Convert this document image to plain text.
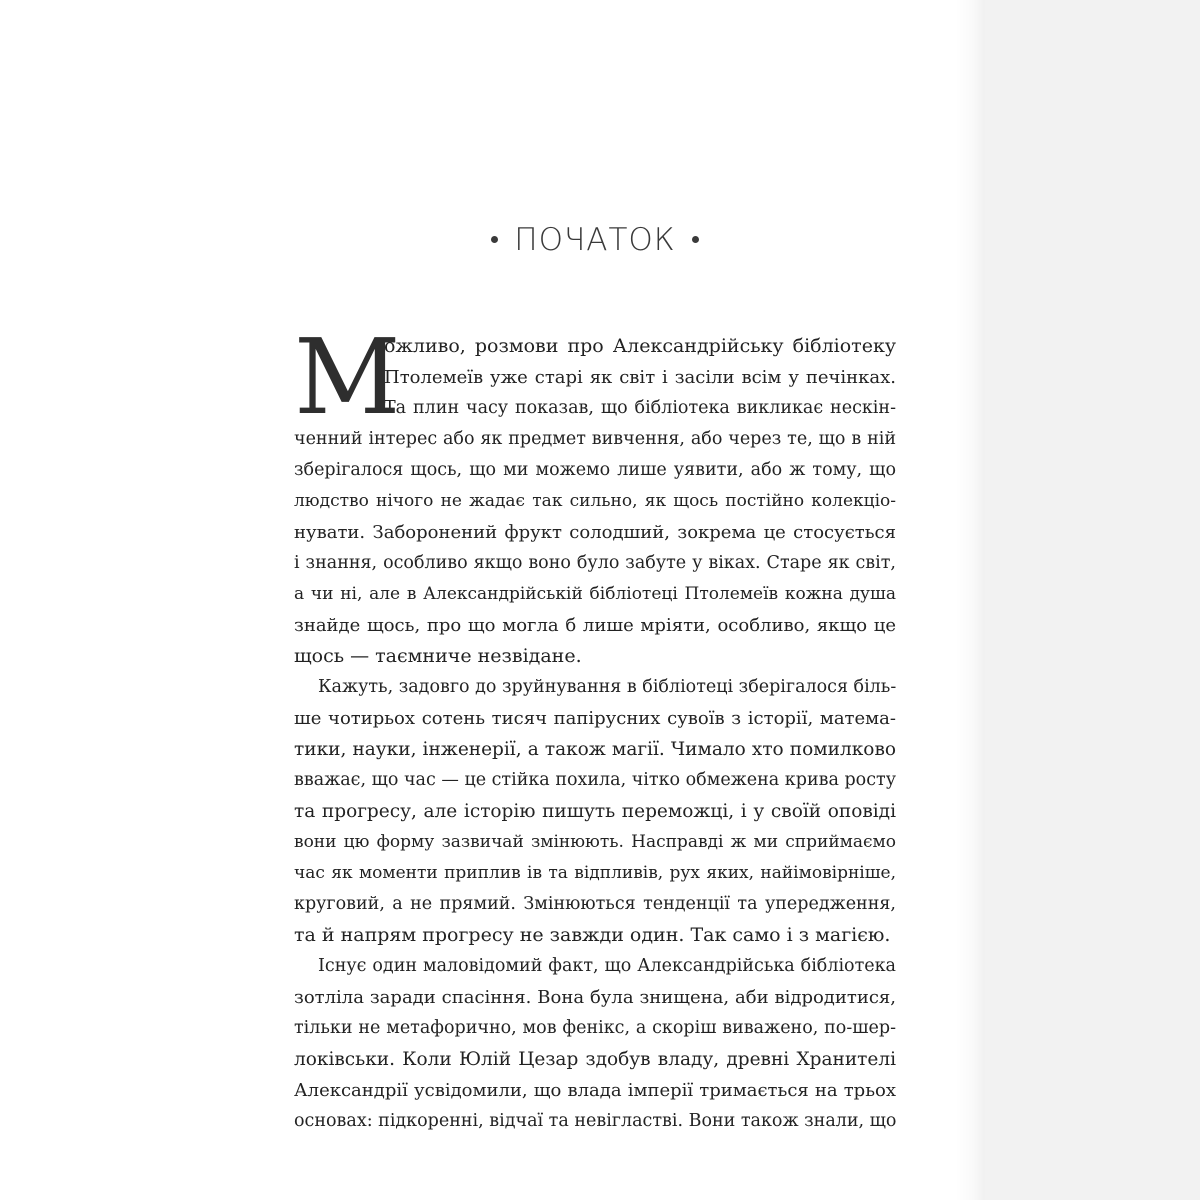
ПОЧАТОК
М
ожливо, розмови про Александрійську бібліотеку
Птолемеїв уже старі як світ і засіли всім у печінках.
Та плин часу показав, що бібліотека викликає нескін-
ченний інтерес або як предмет вивчення, або через те, що в ній
зберігалося щось, що ми можемо лише уявити, або ж тому, що
людство нічого не жадає так сильно, як щось постійно колекціо-
нувати. Заборонений фрукт солодший, зокрема це стосується
і знання, особливо якщо воно було забуте у віках. Старе як світ,
а чи ні, але в Александрійській бібліотеці Птолемеїв кожна душа
знайде щось, про що могла б лише мріяти, особливо, якщо це
щось — таємниче незвідане.
Кажуть, задовго до зруйнування в бібліотеці зберігалося біль-
ше чотирьох сотень тисяч папірусних сувоїв з історії, матема-
тики, науки, інженерії, а також магії. Чимало хто помилково
вважає, що час — це стійка похила, чітко обмежена крива росту
та прогресу, але історію пишуть переможці, і у своїй оповіді
вони цю форму зазвичай змінюють. Насправді ж ми сприймаємо
час як моменти приплив ів та відпливів, рух яких, найімовірніше,
круговий, а не прямий. Змінюються тенденції та упередження,
та й напрям прогресу не завжди один. Так само і з магією.
Існує один маловідомий факт, що Александрійська бібліотека
зотліла заради спасіння. Вона була знищена, аби відродитися,
тільки не метафорично, мов фенікс, а скоріш виважено, по-шер-
локівськи. Коли Юлій Цезар здобув владу, древні Хранителі
Александрії усвідомили, що влада імперії тримається на трьох
основах: підкоренні, відчаї та невігластві. Вони також знали, що
